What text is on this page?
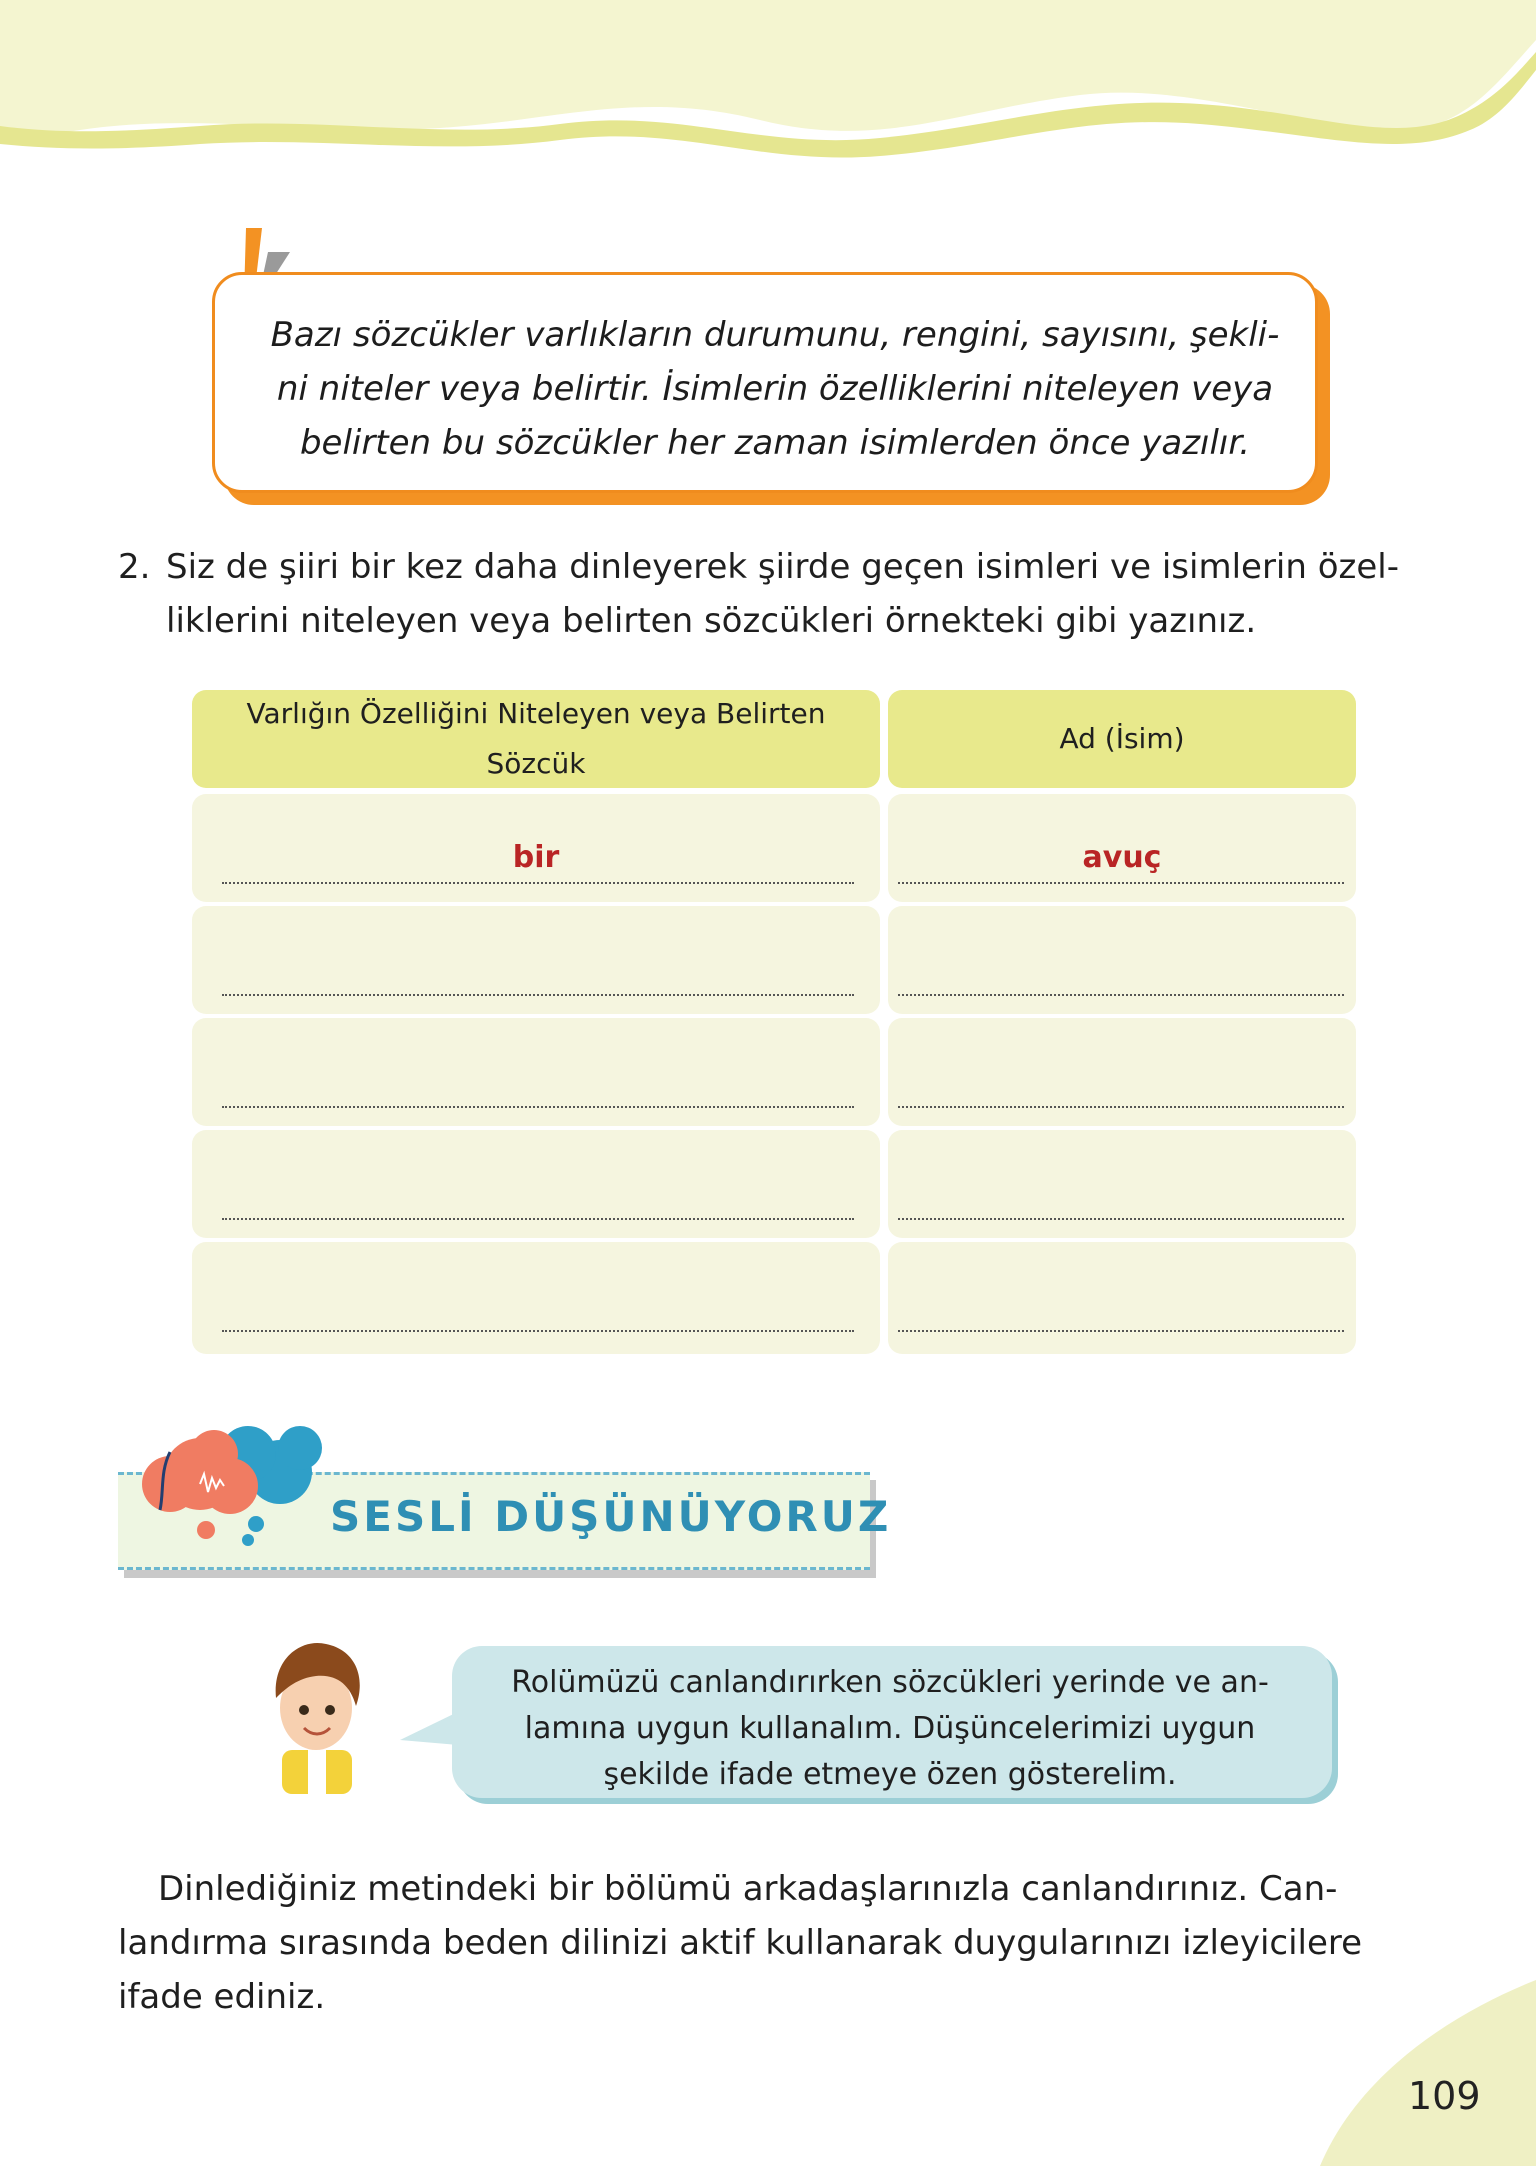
Bazı sözcükler varlıkların durumunu, rengini, sayısını, şekli-
ni niteler veya belirtir. İsimlerin özelliklerini niteleyen veya
belirten bu sözcükler her zaman isimlerden önce yazılır.
2. Siz de şiiri bir kez daha dinleyerek şiirde geçen isimleri ve isimlerin özel-
liklerini niteleyen veya belirten sözcükleri örnekteki gibi yazınız.
Varlığın Özelliğini Niteleyen veya Belirten
Sözcük
Ad (İsim)
bir	avuç
SESLİ DÜŞÜNÜYORUZ
Rolümüzü canlandırırken sözcükleri yerinde ve an-
lamına uygun kullanalım. Düşüncelerimizi uygun
şekilde ifade etmeye özen gösterelim.
Dinlediğiniz metindeki bir bölümü arkadaşlarınızla canlandırınız. Can-
landırma sırasında beden dilinizi aktif kullanarak duygularınızı izleyicilere
ifade ediniz.
109
